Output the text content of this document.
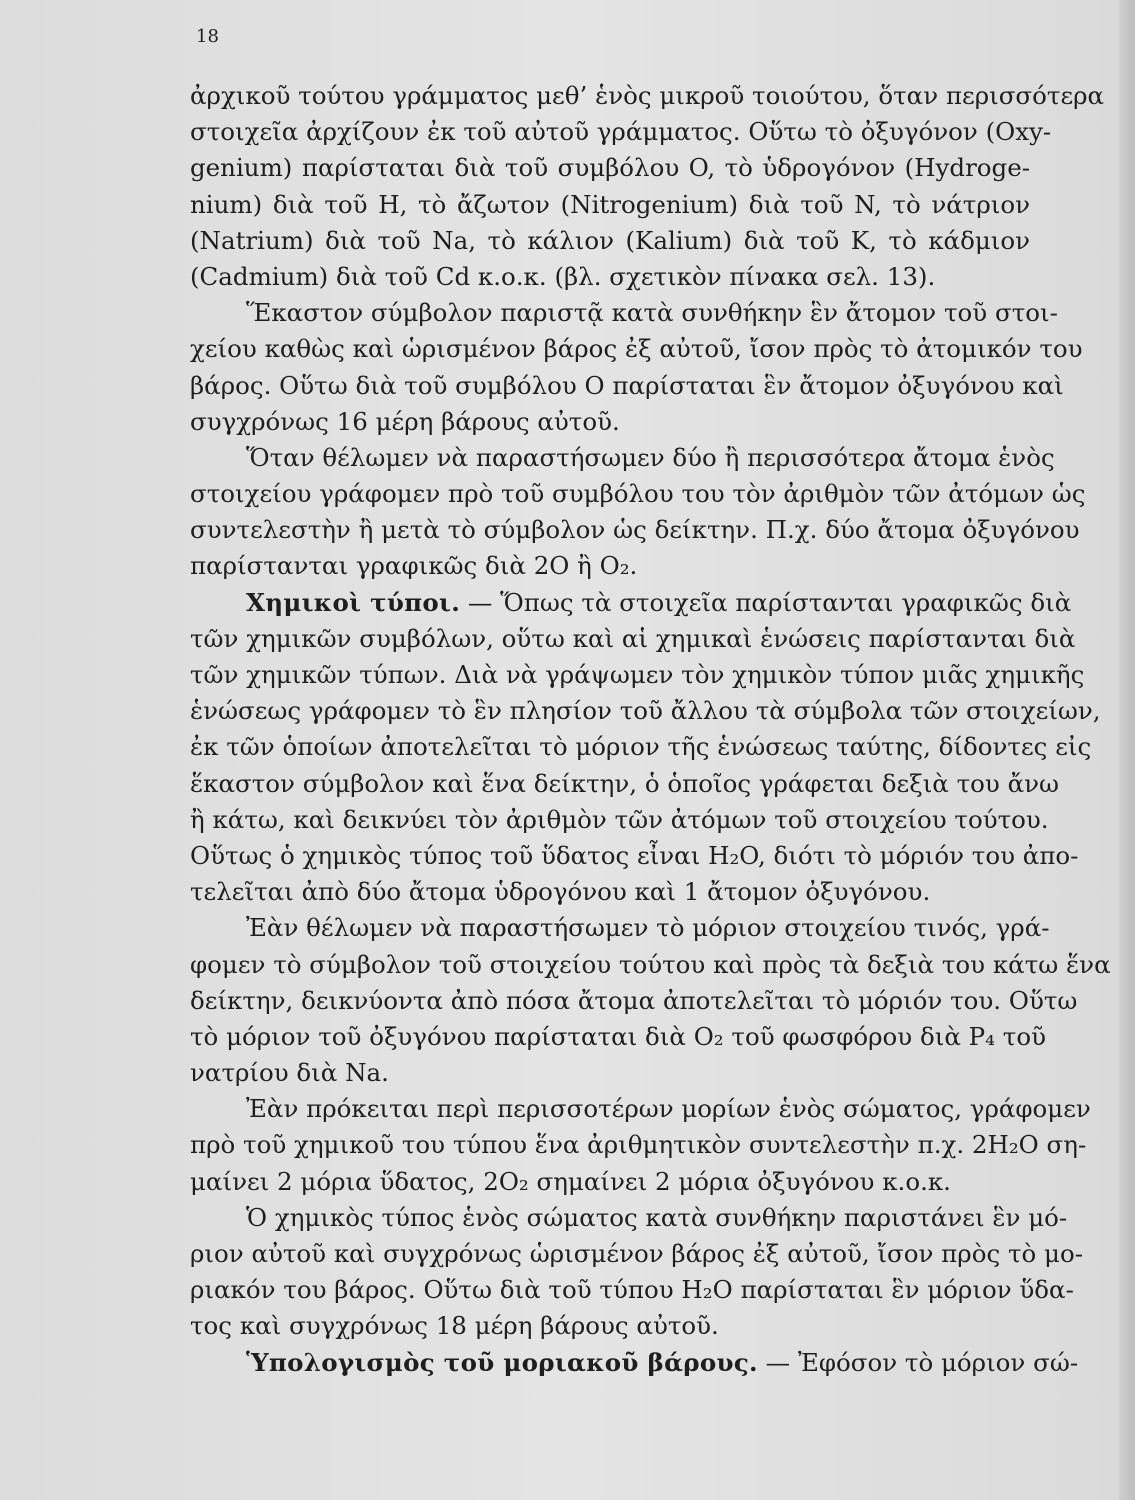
18
ἀρχικοῦ τούτου γράμματος μεθ’ ἑνὸς μικροῦ τοιούτου, ὅταν περισσότερα
στοιχεῖα ἀρχίζουν ἐκ τοῦ αὐτοῦ γράμματος. Οὕτω τὸ ὀξυγόνον (Oxy-
genium) παρίσταται διὰ τοῦ συμβόλου O, τὸ ὑδρογόνον (Hydroge-
nium) διὰ τοῦ H, τὸ ἄζωτον (Nitrogenium) διὰ τοῦ N, τὸ νάτριον
(Natrium) διὰ τοῦ Na, τὸ κάλιον (Kalium) διὰ τοῦ K, τὸ κάδμιον
(Cadmium) διὰ τοῦ Cd κ.ο.κ. (βλ. σχετικὸν πίνακα σελ. 13).
Ἕκαστον σύμβολον παριστᾷ κατὰ συνθήκην ἓν ἄτομον τοῦ στοι-
χείου καθὼς καὶ ὡρισμένον βάρος ἐξ αὐτοῦ, ἴσον πρὸς τὸ ἀτομικόν του
βάρος. Οὕτω διὰ τοῦ συμβόλου O παρίσταται ἓν ἄτομον ὀξυγόνου καὶ
συγχρόνως 16 μέρη βάρους αὐτοῦ.
Ὅταν θέλωμεν νὰ παραστήσωμεν δύο ἢ περισσότερα ἄτομα ἑνὸς
στοιχείου γράφομεν πρὸ τοῦ συμβόλου του τὸν ἀριθμὸν τῶν ἀτόμων ὡς
συντελεστὴν ἢ μετὰ τὸ σύμβολον ὡς δείκτην. Π.χ. δύο ἄτομα ὀξυγόνου
παρίστανται γραφικῶς διὰ 2O ἢ O₂.
Χημικοὶ τύποι. — Ὅπως τὰ στοιχεῖα παρίστανται γραφικῶς διὰ
τῶν χημικῶν συμβόλων, οὕτω καὶ αἱ χημικαὶ ἑνώσεις παρίστανται διὰ
τῶν χημικῶν τύπων. Διὰ νὰ γράψωμεν τὸν χημικὸν τύπον μιᾶς χημικῆς
ἑνώσεως γράφομεν τὸ ἓν πλησίον τοῦ ἄλλου τὰ σύμβολα τῶν στοιχείων,
ἐκ τῶν ὁποίων ἀποτελεῖται τὸ μόριον τῆς ἑνώσεως ταύτης, δίδοντες εἰς
ἕκαστον σύμβολον καὶ ἕνα δείκτην, ὁ ὁποῖος γράφεται δεξιὰ του ἄνω
ἢ κάτω, καὶ δεικνύει τὸν ἀριθμὸν τῶν ἀτόμων τοῦ στοιχείου τούτου.
Οὕτως ὁ χημικὸς τύπος τοῦ ὕδατος εἶναι H₂O, διότι τὸ μόριόν του ἀπο-
τελεῖται ἀπὸ δύο ἄτομα ὑδρογόνου καὶ 1 ἄτομον ὀξυγόνου.
Ἐὰν θέλωμεν νὰ παραστήσωμεν τὸ μόριον στοιχείου τινός, γρά-
φομεν τὸ σύμβολον τοῦ στοιχείου τούτου καὶ πρὸς τὰ δεξιὰ του κάτω ἕνα
δείκτην, δεικνύοντα ἀπὸ πόσα ἄτομα ἀποτελεῖται τὸ μόριόν του. Οὕτω
τὸ μόριον τοῦ ὀξυγόνου παρίσταται διὰ O₂ τοῦ φωσφόρου διὰ P₄ τοῦ
νατρίου διὰ Na.
Ἐὰν πρόκειται περὶ περισσοτέρων μορίων ἑνὸς σώματος, γράφομεν
πρὸ τοῦ χημικοῦ του τύπου ἕνα ἀριθμητικὸν συντελεστὴν π.χ. 2H₂O ση-
μαίνει 2 μόρια ὕδατος, 2O₂ σημαίνει 2 μόρια ὀξυγόνου κ.ο.κ.
Ὁ χημικὸς τύπος ἑνὸς σώματος κατὰ συνθήκην παριστάνει ἓν μό-
ριον αὐτοῦ καὶ συγχρόνως ὡρισμένον βάρος ἐξ αὐτοῦ, ἴσον πρὸς τὸ μο-
ριακόν του βάρος. Οὕτω διὰ τοῦ τύπου H₂O παρίσταται ἓν μόριον ὕδα-
τος καὶ συγχρόνως 18 μέρη βάρους αὐτοῦ.
Ὑπολογισμὸς τοῦ μοριακοῦ βάρους. — Ἐφόσον τὸ μόριον σώ-
